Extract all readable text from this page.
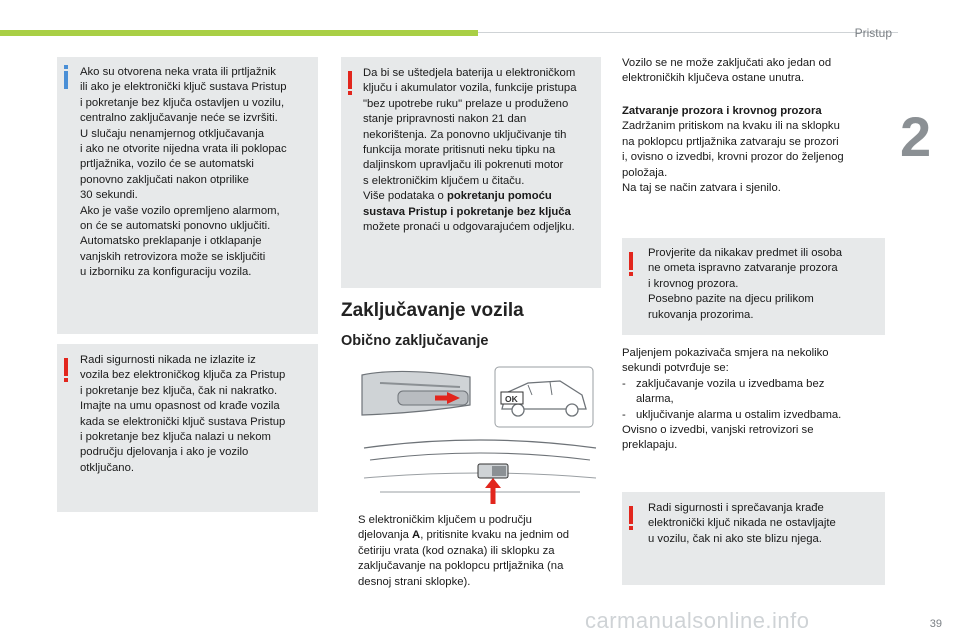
Pristup
2
Ako su otvorena neka vrata ili prtljažnik
ili ako je elektronički ključ sustava Pristup
i pokretanje bez ključa ostavljen u vozilu,
centralno zaključavanje neće se izvršiti.
U slučaju nenamjernog otključavanja
i ako ne otvorite nijedna vrata ili poklopac
prtljažnika, vozilo će se automatski
ponovno zaključati nakon otprilike
30 sekundi.
Ako je vaše vozilo opremljeno alarmom,
on će se automatski ponovno uključiti.
Automatsko preklapanje i otklapanje
vanjskih retrovizora može se isključiti
u izborniku za konfiguraciju vozila.
Radi sigurnosti nikada ne izlazite iz
vozila bez elektroničkog ključa za Pristup
i pokretanje bez ključa, čak ni nakratko.
Imajte na umu opasnost od krađe vozila
kada se elektronički ključ sustava Pristup
i pokretanje bez ključa nalazi u nekom
području djelovanja i ako je vozilo
otključano.
Da bi se uštedjela baterija u elektroničkom
ključu i akumulator vozila, funkcije pristupa
"bez upotrebe ruku" prelaze u produženo
stanje pripravnosti nakon 21 dan
nekorištenja. Za ponovno uključivanje tih
funkcija morate pritisnuti neku tipku na
daljinskom upravljaču ili pokrenuti motor
s elektroničkim ključem u čitaču.
Više podataka o pokretanju pomoću
sustava Pristup i pokretanje bez ključa
možete pronaći u odgovarajućem odjeljku.
Zaključavanje vozila
Obično zaključavanje
OK
S elektroničkim ključem u području
djelovanja A, pritisnite kvaku na jednim od
četiriju vrata (kod oznaka) ili sklopku za
zaključavanje na poklopcu prtljažnika (na
desnoj strani sklopke).
Vozilo se ne može zaključati ako jedan od
elektroničkih ključeva ostane unutra.
Zatvaranje prozora i krovnog prozora
Zadržanim pritiskom na kvaku ili na sklopku
na poklopcu prtljažnika zatvaraju se prozori
i, ovisno o izvedbi, krovni prozor do željenog
položaja.
Na taj se način zatvara i sjenilo.
Provjerite da nikakav predmet ili osoba
ne ometa ispravno zatvaranje prozora
i krovnog prozora.
Posebno pazite na djecu prilikom
rukovanja prozorima.
Paljenjem pokazivača smjera na nekoliko
sekundi potvrđuje se:
- zaključavanje vozila u izvedbama bez
alarma,
- uključivanje alarma u ostalim izvedbama.
Ovisno o izvedbi, vanjski retrovizori se
preklapaju.
Radi sigurnosti i sprečavanja krađe
elektronički ključ nikada ne ostavljajte
u vozilu, čak ni ako ste blizu njega.
carmanualsonline.info	39
